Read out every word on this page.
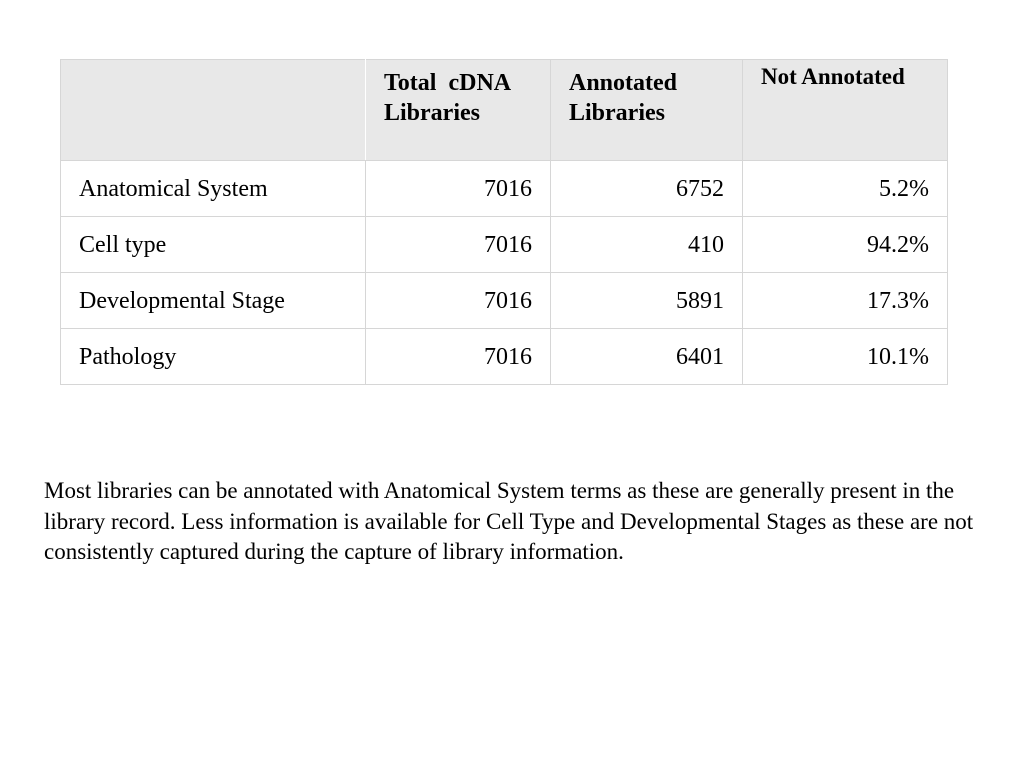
	Total  cDNA Libraries	Annotated Libraries	Not Annotated
Anatomical System	7016	6752	5.2%
Cell type	7016	410	94.2%
Developmental Stage	7016	5891	17.3%
Pathology	7016	6401	10.1%

Most libraries can be annotated with Anatomical System terms as these are generally present in the library record. Less information is available for Cell Type and Developmental Stages as these are not consistently captured during the capture of library information.
